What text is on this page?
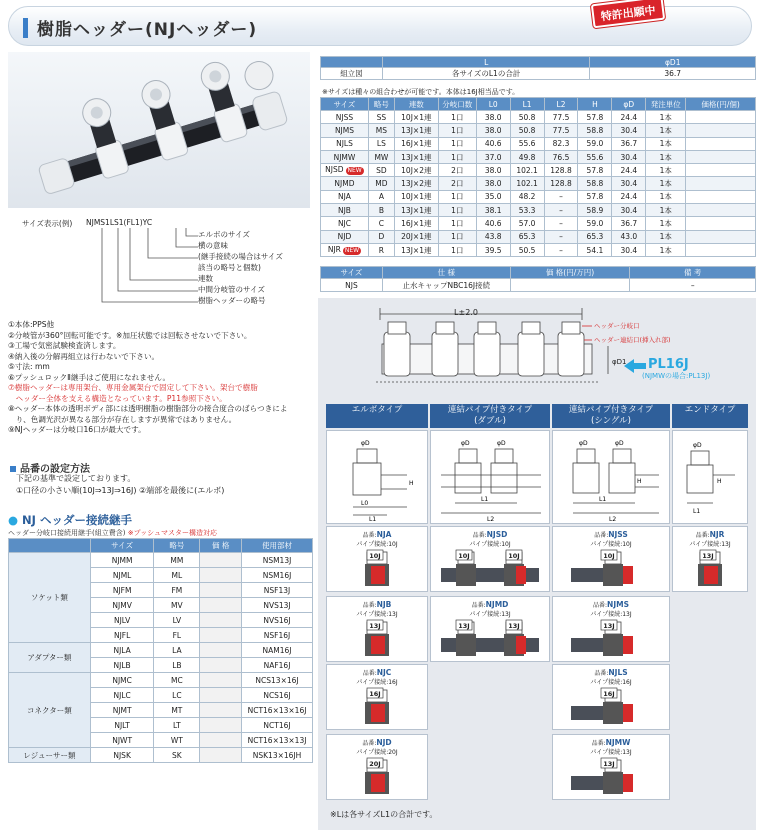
樹脂ヘッダー(NJヘッダー)
特許出願中
サイズ表示(例) NJMS1LS1(FL1)YC
エルボのサイズ
横の意味
(継手接続の場合はサイズ
該当の略号と個数)
連数
中間分岐管のサイズ
樹脂ヘッダーの略号
①本体:PPS他
②分岐管が360°回転可能です。※加圧状態では回転させないで下さい。
③工場で気密試験検査済します。
④納入後の分解再組立は行わないで下さい。
⑤寸法: mm
⑥プッシュロックⅡ継手はご使用になれません。
⑦樹脂ヘッダーは専用架台、専用金属架台で固定して下さい。架台で樹脂
　ヘッダー全体を支える構造となっています。P11参照下さい。
⑧ヘッダー本体の透明ボディ部には透明樹脂の樹脂部分の接合度合のばらつきによ
　り、色調光沢が異なる部分が存在しますが異常ではありません。
⑨NJヘッダーは分岐口16口が最大です。
品番の設定方法
下記の基準で設定しております。
①口径の小さい順(10J⇒13J⇒16J) ②端部を最後に(エルボ)
● NJ ヘッダー接続継手
ヘッダー分岐口接続用継手(組立費含) ※プッシュマスター構造対応
	サイズ	略号	価 格	使用部材
ソケット類	NJMM	MM		NSM13J
	NJML	ML		NSM16J
	NJFM	FM		NSF13J
	NJMV	MV		NVS13J
	NJLV	LV		NVS16J
	NJFL	FL		NSF16J
アダプター類	NJLA	LA		NAM16J
	NJLB	LB		NAF16J
コネクター類	NJMC	MC		NCS13×16J
	NJLC	LC		NCS16J
	NJMT	MT		NCT16×13×16J
	NJLT	LT		NCT16J
	NJWT	WT		NCT16×13×13J
レジューサー類	NJSK	SK		NSK13×16JH
	L	φD1
組立図	各サイズのL1の合計	36.7
※サイズは種々の組合わせが可能です。本体は16J相当品です。
サイズ	略号	連数	分岐口数	L0	L1	L2	H	φD	発注単位	価格(円/個)
NJSS	SS	10J×1連	1口	38.0	50.8	77.5	57.8	24.4	1本	
NJMS	MS	13J×1連	1口	38.0	50.8	77.5	58.8	30.4	1本	
NJLS	LS	16J×1連	1口	40.6	55.6	82.3	59.0	36.7	1本	
NJMW	MW	13J×1連	1口	37.0	49.8	76.5	55.6	30.4	1本	
NJSD NEW	SD	10J×2連	2口	38.0	102.1	128.8	57.8	24.4	1本	
NJMD	MD	13J×2連	2口	38.0	102.1	128.8	58.8	30.4	1本	
NJA	A	10J×1連	1口	35.0	48.2	–	57.8	24.4	1本	
NJB	B	13J×1連	1口	38.1	53.3	–	58.9	30.4	1本	
NJC	C	16J×1連	1口	40.6	57.0	–	59.0	36.7	1本	
NJD	D	20J×1連	1口	43.8	65.3	–	65.3	43.0	1本	
NJR NEW	R	13J×1連	1口	39.5	50.5	–	54.1	30.4	1本	
サイズ	仕 様	価 格(円/万円)	備 考
NJS	止水キャップNBC16J接続		–
L±2.0
ヘッダー分岐口
ヘッダー連結口(挿入れ部)
φD1 PL16J
(NJMWの場合:PL13J)
エルボタイプ	連結パイプ付きタイプ
(ダブル)
連結パイプ付きタイプ
(シングル)
エンドタイプ
φD
H
L0
L1
φD	φD
L1
L2
φD	φD
H
L1
L2
φD
H
L1
品番:NJA
パイプ接続:10J
10J
品番:NJSD
パイプ接続:10J
10J	10J
品番:NJSS
パイプ接続:10J
10J
品番:NJR
パイプ接続:13J
13J
品番:NJB
パイプ接続:13J
13J
品番:NJMD
パイプ接続:13J
13J	13J
品番:NJMS
パイプ接続:13J
13J
品番:NJC
パイプ接続:16J
16J
品番:NJLS
パイプ接続:16J
16J
品番:NJD
パイプ接続:20J
20J
品番:NJMW
パイプ接続:13J
13J
※Lは各サイズL1の合計です。
